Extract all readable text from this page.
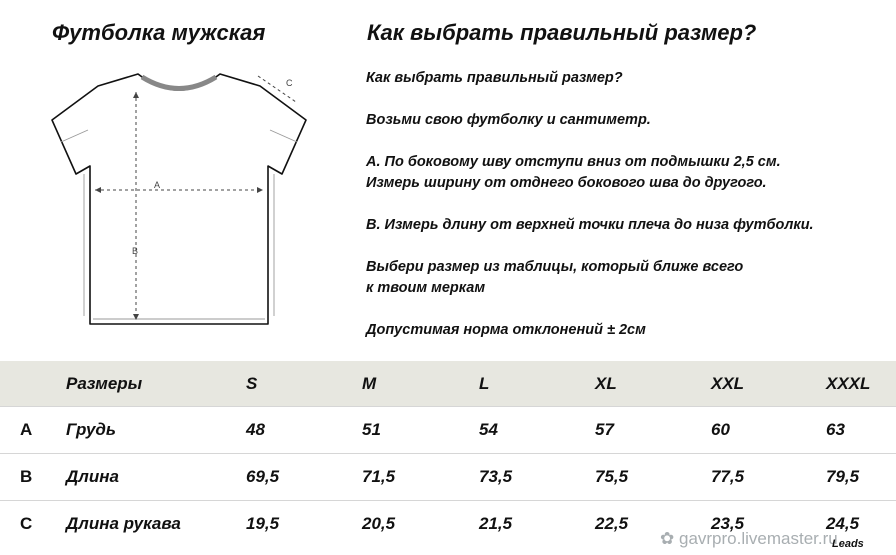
Футболка мужская	Как выбрать правильный размер?
A
B
C	Как выбрать правильный размер?

Возьми свою футболку и сантиметр.

A. По боковому шву отступи вниз от подмышки 2,5 см.

Измерь ширину от отднего бокового шва до другого.

B. Измерь длину от верхней точки плеча до низа футболки.

Выбери размер из таблицы, который ближе всего

к твоим меркам

Допустимая норма отклонений ± 2см

Размеры	S	M	L	XL	XXL	XXXL
A Грудь	48	51	54	57	60	63
B Длина	69,5	71,5	73,5	75,5	77,5	79,5
C Длина рукава	19,5	20,5	21,5	22,5	23,5	24,5
✿ gavrpro.livemaster.ru
Leads
